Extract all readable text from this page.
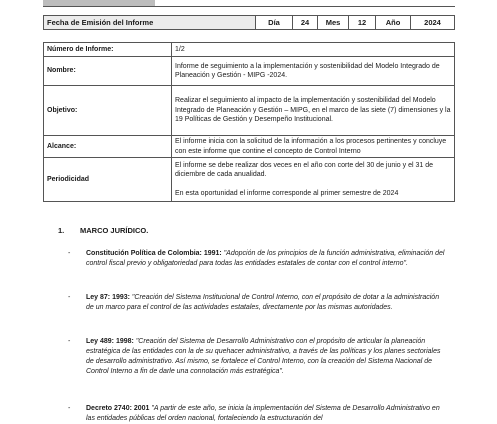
Fecha de Emisión del Informe	Día	24	Mes	12	Año	2024
Número de Informe:	1/2
Nombre:	Informe de seguimiento a la implementación y sostenibilidad del Modelo Integrado de Planeación y Gestión - MIPG -2024.
Objetivo:	Realizar el seguimiento al impacto de la implementación y sostenibilidad del Modelo Integrado de Planeación y Gestión – MIPG, en el marco de las siete (7) dimensiones y la 19 Políticas de Gestión y Desempeño Institucional.
Alcance:	El informe inicia con la solicitud de la información a los procesos pertinentes y concluye con este informe que contine el concepto de Control Interno
Periodicidad	El informe se debe realizar dos veces en el año con corte del 30 de junio y el 31 de diciembre de cada anualidad.
En esta oportunidad el informe corresponde al primer semestre de 2024
1. MARCO JURÍDICO.
- Constitución Política de Colombia: 1991: "Adopción de los principios de la función administrativa, eliminación del control fiscal previo y obligatoriedad para todas las entidades estatales de contar con el control interno".
- Ley 87: 1993: "Creación del Sistema Institucional de Control Interno, con el propósito de dotar a la administración de un marco para el control de las actividades estatales, directamente por las mismas autoridades.
- Ley 489: 1998: "Creación del Sistema de Desarrollo Administrativo con el propósito de articular la planeación estratégica de las entidades con la de su quehacer administrativo, a través de las políticas y los planes sectoriales de desarrollo administrativo. Así mismo, se fortalece el Control Interno, con la creación del Sistema Nacional de Control Interno a fin de darle una connotación más estratégica".
- Decreto 2740: 2001 "A partir de este año, se inicia la implementación del Sistema de Desarrollo Administrativo en las entidades públicas del orden nacional, fortaleciendo la estructuración del
